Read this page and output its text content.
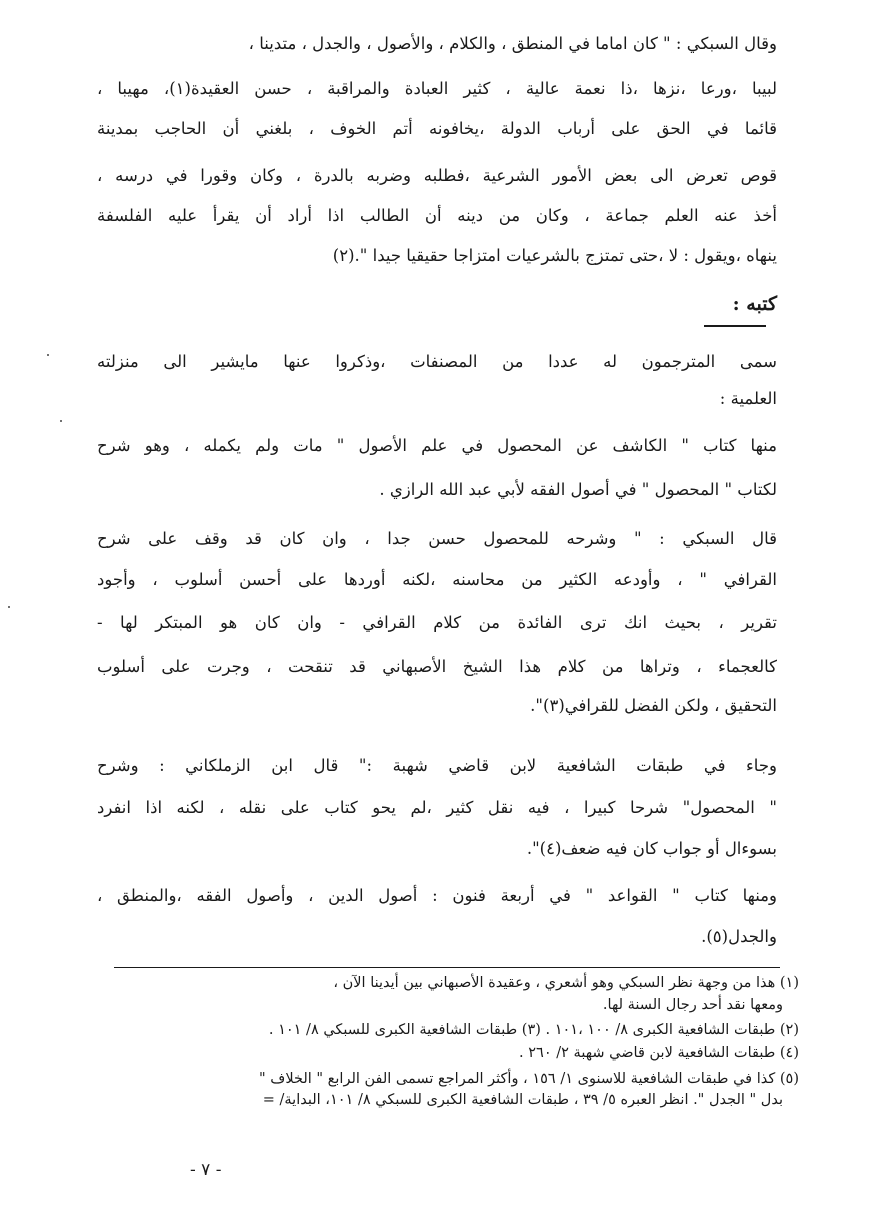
وقال السبكي : " كان اماما في المنطق ، والكلام ، والأصول ، والجدل ، متدينا ،
لبيبا ،ورعا ،نزها ،ذا نعمة عالية ، كثير العبادة والمراقبة ، حسن العقيدة(١)، مهيبا ،
قائما في الحق على أرباب الدولة ،يخافونه أتم الخوف ، بلغني أن الحاجب بمدينة
قوص تعرض الى بعض الأمور الشرعية ،فطلبه وضربه بالدرة ، وكان وقورا في درسه ،
أخذ عنه العلم جماعة ، وكان من دينه أن الطالب اذا أراد أن يقرأ عليه الفلسفة
ينهاه ،ويقول : لا ،حتى تمتزج بالشرعيات امتزاجا حقيقيا جيدا ".(٢)
كتبه :
سمى المترجمون له عددا من المصنفات ،وذكروا عنها مايشير الى منزلته
العلمية :
منها كتاب " الكاشف عن المحصول في علم الأصول " مات ولم يكمله ، وهو شرح
لكتاب " المحصول " في أصول الفقه لأبي عبد الله الرازي .
قال السبكي : " وشرحه للمحصول حسن جدا ، وان كان قد وقف على شرح
القرافي " ، وأودعه الكثير من محاسنه ،لكنه أوردها على أحسن أسلوب ، وأجود
تقرير ، بحيث انك ترى الفائدة من كلام القرافي - وان كان هو المبتكر لها -
كالعجماء ، وتراها من كلام هذا الشيخ الأصبهاني قد تنقحت ، وجرت على أسلوب
التحقيق ، ولكن الفضل للقرافي(٣)".
وجاء في طبقات الشافعية لابن قاضي شهبة :" قال ابن الزملكاني : وشرح
" المحصول" شرحا كبيرا ، فيه نقل كثير ،لم يحو كتاب على نقله ، لكنه اذا انفرد
بسوءال أو جواب كان فيه ضعف(٤)".
ومنها كتاب " القواعد " في أربعة فنون : أصول الدين ، وأصول الفقه ،والمنطق ،
والجدل(٥).
(١) هذا من وجهة نظر السبكي وهو أشعري ، وعقيدة الأصبهاني بين أيدينا الآن ،
ومعها نقد أحد رجال السنة لها.
(٢) طبقات الشافعية الكبرى ٨/ ١٠٠ ،١٠١ . (٣) طبقات الشافعية الكبرى للسبكي ٨/ ١٠١ .
(٤) طبقات الشافعية لابن قاضي شهبة ٢/ ٢٦٠ .
(٥) كذا في طبقات الشافعية للاسنوى ١/ ١٥٦ ، وأكثر المراجع تسمى الفن الرابع " الخلاف "
بدل " الجدل ". انظر العبره ٥/ ٣٩ ، طبقات الشافعية الكبرى للسبكي ٨/ ١٠١، البداية/ =
- ٧ -
